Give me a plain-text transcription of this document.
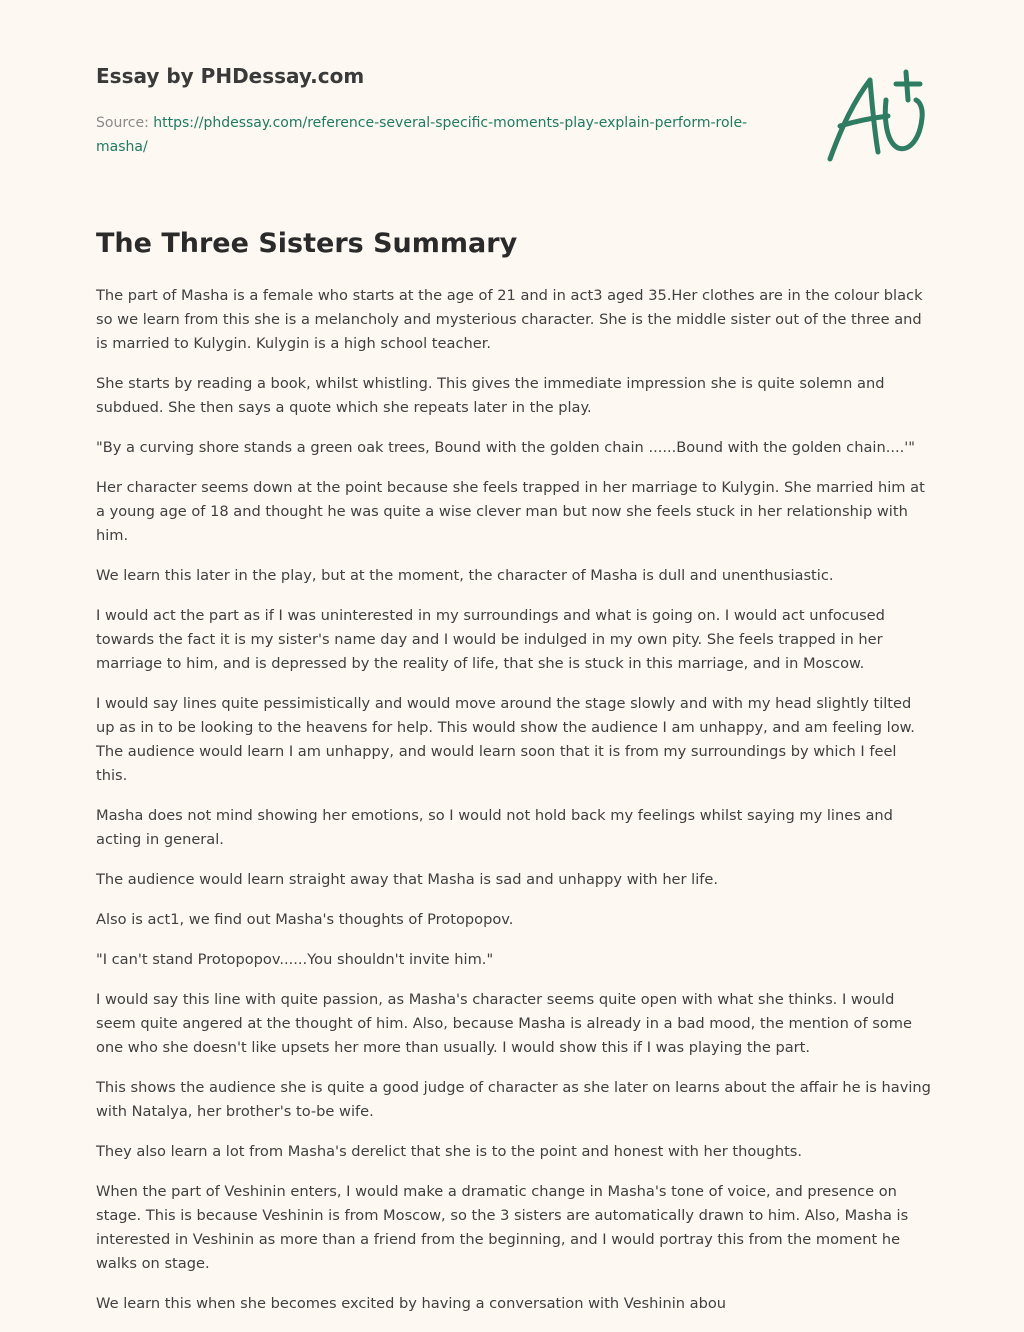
Essay by PHDessay.com
Source: https://phdessay.com/reference-several-specific-moments-play-explain-perform-role-masha/
The Three Sisters Summary

The part of Masha is a female who starts at the age of 21 and in act3 aged 35.Her clothes are in the colour black so we learn from this she is a melancholy and mysterious character. She is the middle sister out of the three and is married to Kulygin. Kulygin is a high school teacher.

She starts by reading a book, whilst whistling. This gives the immediate impression she is quite solemn and subdued. She then says a quote which she repeats later in the play.

"By a curving shore stands a green oak trees, Bound with the golden chain ......Bound with the golden chain....'"

Her character seems down at the point because she feels trapped in her marriage to Kulygin. She married him at a young age of 18 and thought he was quite a wise clever man but now she feels stuck in her relationship with him.

We learn this later in the play, but at the moment, the character of Masha is dull and unenthusiastic.

I would act the part as if I was uninterested in my surroundings and what is going on. I would act unfocused towards the fact it is my sister's name day and I would be indulged in my own pity. She feels trapped in her marriage to him, and is depressed by the reality of life, that she is stuck in this marriage, and in Moscow.

I would say lines quite pessimistically and would move around the stage slowly and with my head slightly tilted up as in to be looking to the heavens for help. This would show the audience I am unhappy, and am feeling low. The audience would learn I am unhappy, and would learn soon that it is from my surroundings by which I feel this.

Masha does not mind showing her emotions, so I would not hold back my feelings whilst saying my lines and acting in general.

The audience would learn straight away that Masha is sad and unhappy with her life.

Also is act1, we find out Masha's thoughts of Protopopov.

"I can't stand Protopopov......You shouldn't invite him."

I would say this line with quite passion, as Masha's character seems quite open with what she thinks. I would seem quite angered at the thought of him. Also, because Masha is already in a bad mood, the mention of some one who she doesn't like upsets her more than usually. I would show this if I was playing the part.

This shows the audience she is quite a good judge of character as she later on learns about the affair he is having with Natalya, her brother's to-be wife.

They also learn a lot from Masha's derelict that she is to the point and honest with her thoughts.

When the part of Veshinin enters, I would make a dramatic change in Masha's tone of voice, and presence on stage. This is because Veshinin is from Moscow, so the 3 sisters are automatically drawn to him. Also, Masha is interested in Veshinin as more than a friend from the beginning, and I would portray this from the moment he walks on stage.

We learn this when she becomes excited by having a conversation with Veshinin abou
